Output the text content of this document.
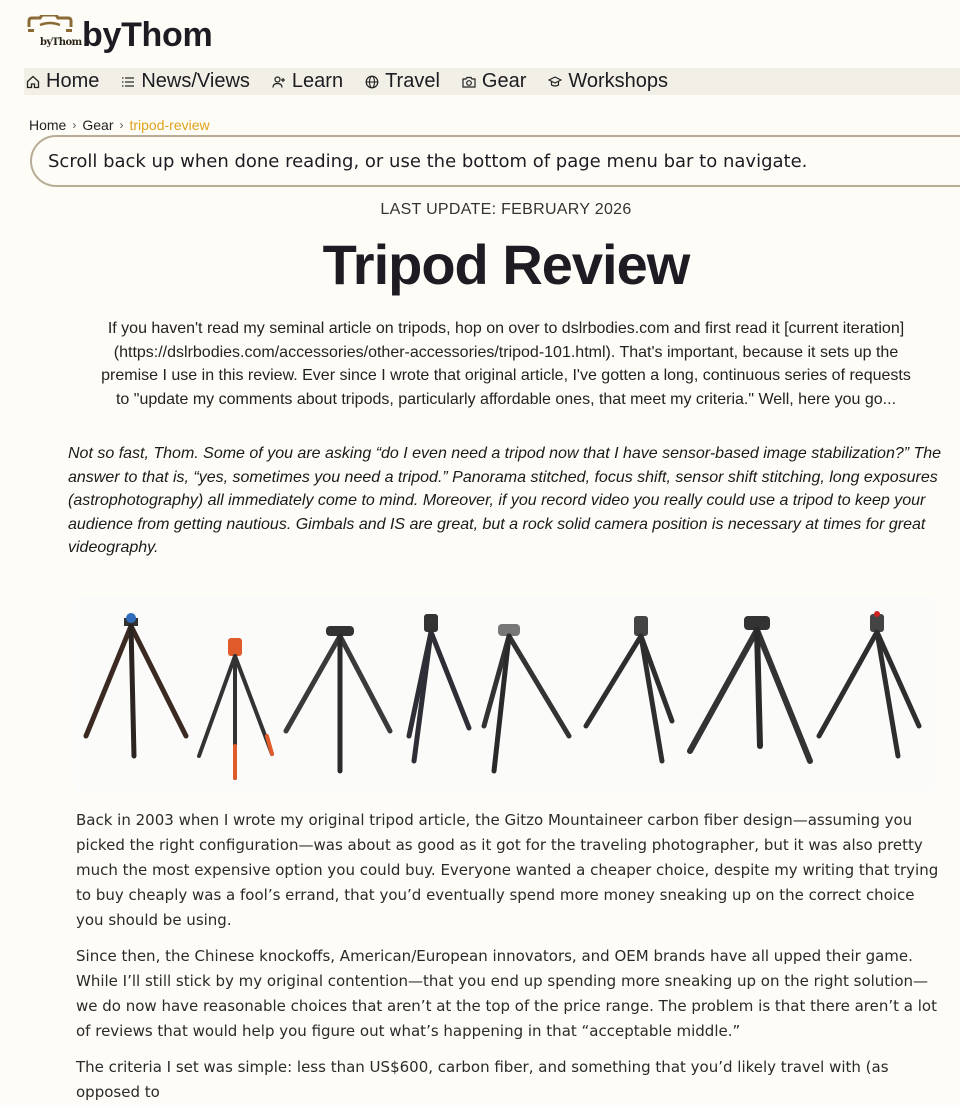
byThom byThom
Home News/Views Learn Travel Gear Workshops
Home › Gear › tripod-review
Scroll back up when done reading, or use the bottom of page menu bar to navigate.
LAST UPDATE: FEBRUARY 2026
Tripod Review
If you haven't read my seminal article on tripods, hop on over to dslrbodies.com and first read it [current iteration] (https://dslrbodies.com/accessories/other-accessories/tripod-101.html). That's important, because it sets up the premise I use in this review. Ever since I wrote that original article, I've gotten a long, continuous series of requests to "update my comments about tripods, particularly affordable ones, that meet my criteria." Well, here you go...
Not so fast, Thom. Some of you are asking “do I even need a tripod now that I have sensor-based image stabilization?” The answer to that is, “yes, sometimes you need a tripod.” Panorama stitched, focus shift, sensor shift stitching, long exposures (astrophotography) all immediately come to mind. Moreover, if you record video you really could use a tripod to keep your audience from getting nautious. Gimbals and IS are great, but a rock solid camera position is necessary at times for great videography.
Back in 2003 when I wrote my original tripod article, the Gitzo Mountaineer carbon fiber design—assuming you picked the right configuration—was about as good as it got for the traveling photographer, but it was also pretty much the most expensive option you could buy. Everyone wanted a cheaper choice, despite my writing that trying to buy cheaply was a fool’s errand, that you’d eventually spend more money sneaking up on the correct choice you should be using.
Since then, the Chinese knockoffs, American/European innovators, and OEM brands have all upped their game. While I’ll still stick by my original contention—that you end up spending more sneaking up on the right solution—we do now have reasonable choices that aren’t at the top of the price range. The problem is that there aren’t a lot of reviews that would help you figure out what’s happening in that “acceptable middle.”
The criteria I set was simple: less than US$600, carbon fiber, and something that you’d likely travel with (as opposed to
